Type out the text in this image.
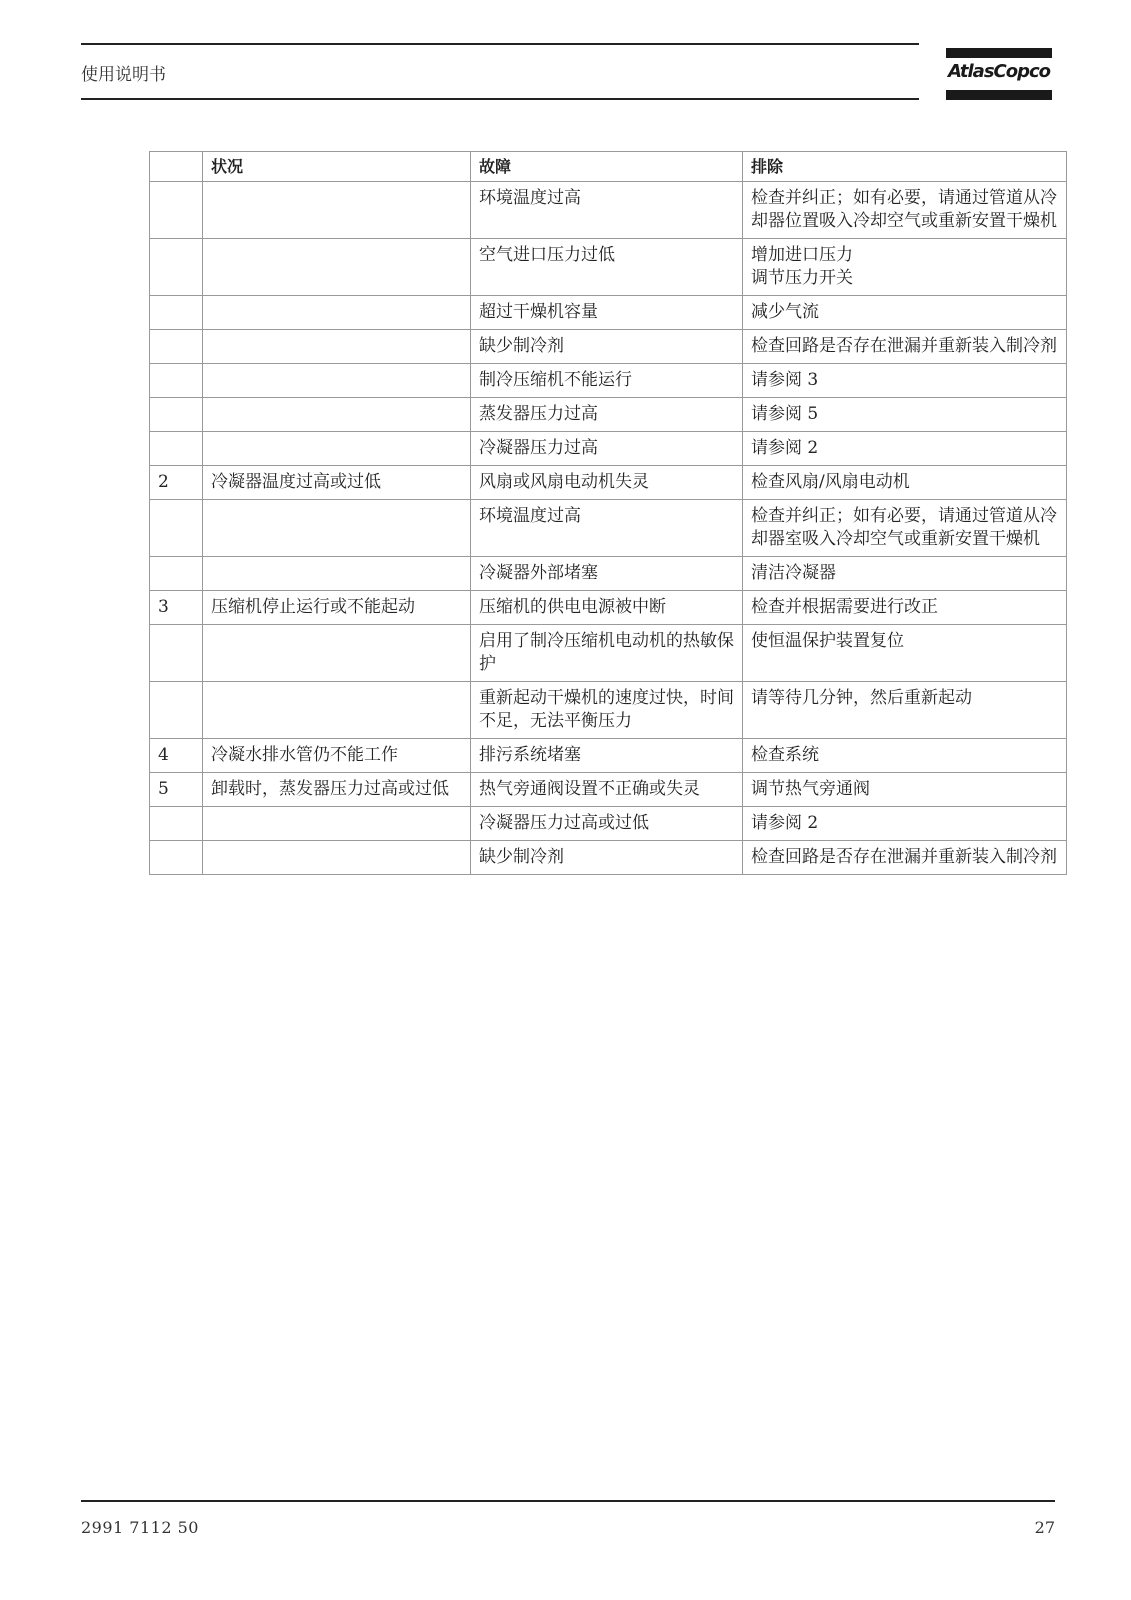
使用说明书	AtlasCopco
	状况	故障	排除
		环境温度过高	检查并纠正；如有必要，请通过管道从冷却器位置吸入冷却空气或重新安置干燥机
		空气进口压力过低	增加进口压力
调节压力开关
		超过干燥机容量	减少气流
		缺少制冷剂	检查回路是否存在泄漏并重新装入制冷剂
		制冷压缩机不能运行	请参阅 3
		蒸发器压力过高	请参阅 5
		冷凝器压力过高	请参阅 2
2	冷凝器温度过高或过低	风扇或风扇电动机失灵	检查风扇/风扇电动机
		环境温度过高	检查并纠正；如有必要，请通过管道从冷却器室吸入冷却空气或重新安置干燥机
		冷凝器外部堵塞	清洁冷凝器
3	压缩机停止运行或不能起动	压缩机的供电电源被中断	检查并根据需要进行改正
		启用了制冷压缩机电动机的热敏保护	使恒温保护装置复位
		重新起动干燥机的速度过快，时间不足，无法平衡压力	请等待几分钟，然后重新起动
4	冷凝水排水管仍不能工作	排污系统堵塞	检查系统
5	卸载时，蒸发器压力过高或过低	热气旁通阀设置不正确或失灵	调节热气旁通阀
		冷凝器压力过高或过低	请参阅 2
		缺少制冷剂	检查回路是否存在泄漏并重新装入制冷剂
2991 7112 50	27
